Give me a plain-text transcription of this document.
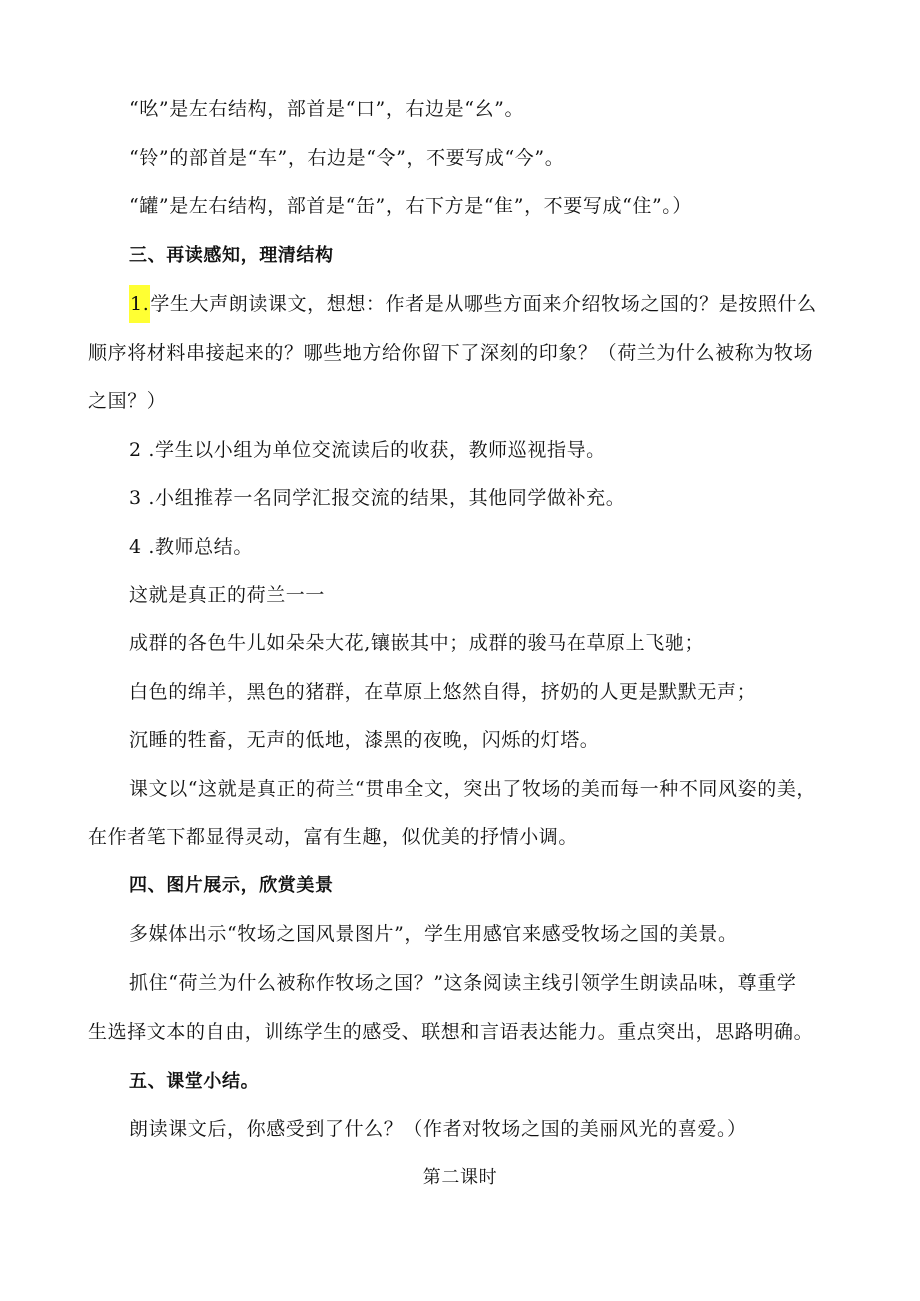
“吆”是左右结构，部首是“口”，右边是“幺”。
“铃”的部首是“车”，右边是“令”，不要写成“今”。
“罐”是左右结构，部首是“缶”，右下方是“隹”，不要写成“住”。）
三、再读感知，理清结构
1.学生大声朗读课文，想想：作者是从哪些方面来介绍牧场之国的？是按照什么
顺序将材料串接起来的？哪些地方给你留下了深刻的印象？（荷兰为什么被称为牧场
之国？）
2 .学生以小组为单位交流读后的收获，教师巡视指导。
3 .小组推荐一名同学汇报交流的结果，其他同学做补充。
4 .教师总结。
这就是真正的荷兰一一
成群的各色牛儿如朵朵大花,镶嵌其中；成群的骏马在草原上飞驰；
白色的绵羊，黑色的猪群，在草原上悠然自得，挤奶的人更是默默无声；
沉睡的牲畜，无声的低地，漆黑的夜晚，闪烁的灯塔。
课文以“这就是真正的荷兰“贯串全文，突出了牧场的美而每一种不同风姿的美，
在作者笔下都显得灵动，富有生趣，似优美的抒情小调。
四、图片展示，欣赏美景
多媒体出示“牧场之国风景图片”，学生用感官来感受牧场之国的美景。
抓住“荷兰为什么被称作牧场之国？”这条阅读主线引领学生朗读品味，尊重学
生选择文本的自由，训练学生的感受、联想和言语表达能力。重点突出，思路明确。
五、课堂小结。
朗读课文后，你感受到了什么？（作者对牧场之国的美丽风光的喜爱。）
第二课时
